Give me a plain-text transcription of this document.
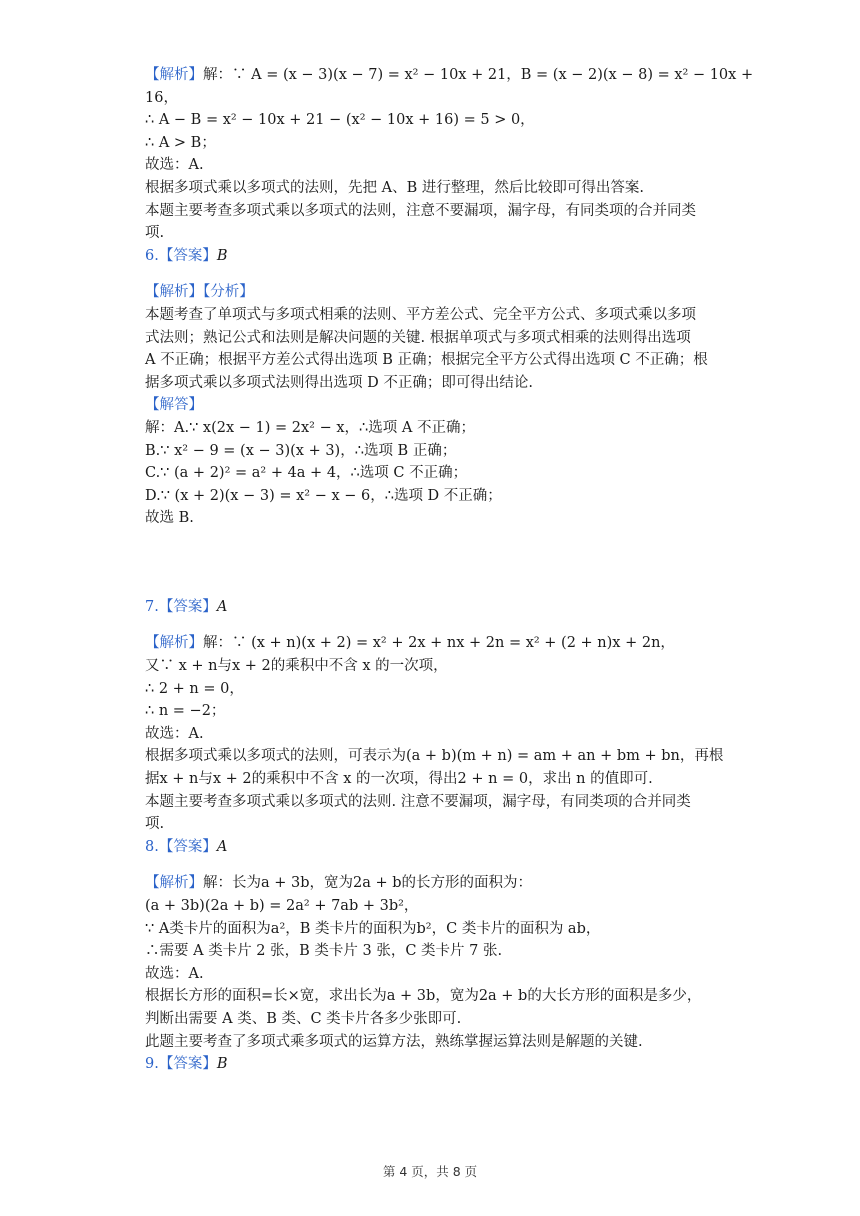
【解析】解：∵ A = (x − 3)(x − 7) = x² − 10x + 21，B = (x − 2)(x − 8) = x² − 10x +
16，
∴ A − B = x² − 10x + 21 − (x² − 10x + 16) = 5 > 0，
∴ A > B；
故选：A.
根据多项式乘以多项式的法则，先把 A、B 进行整理，然后比较即可得出答案.
本题主要考查多项式乘以多项式的法则，注意不要漏项，漏字母，有同类项的合并同类
项.
6.【答案】B
【解析】【分析】
本题考查了单项式与多项式相乘的法则、平方差公式、完全平方公式、多项式乘以多项
式法则；熟记公式和法则是解决问题的关键. 根据单项式与多项式相乘的法则得出选项
A 不正确；根据平方差公式得出选项 B 正确；根据完全平方公式得出选项 C 不正确；根
据多项式乘以多项式法则得出选项 D 不正确；即可得出结论.
【解答】
解：A.∵ x(2x − 1) = 2x² − x，∴选项 A 不正确；
B.∵ x² − 9 = (x − 3)(x + 3)，∴选项 B 正确；
C.∵ (a + 2)² = a² + 4a + 4，∴选项 C 不正确；
D.∵ (x + 2)(x − 3) = x² − x − 6，∴选项 D 不正确；
故选 B.
7.【答案】A
【解析】解：∵ (x + n)(x + 2) = x² + 2x + nx + 2n = x² + (2 + n)x + 2n，
又∵ x + n与x + 2的乘积中不含 x 的一次项，
∴ 2 + n = 0，
∴ n = −2；
故选：A.
根据多项式乘以多项式的法则，可表示为(a + b)(m + n) = am + an + bm + bn，再根
据x + n与x + 2的乘积中不含 x 的一次项，得出2 + n = 0，求出 n 的值即可.
本题主要考查多项式乘以多项式的法则. 注意不要漏项，漏字母，有同类项的合并同类
项.
8.【答案】A
【解析】解：长为a + 3b，宽为2a + b的长方形的面积为：
(a + 3b)(2a + b) = 2a² + 7ab + 3b²，
∵ A类卡片的面积为a²，B 类卡片的面积为b²，C 类卡片的面积为 ab，
∴需要 A 类卡片 2 张，B 类卡片 3 张，C 类卡片 7 张.
故选：A.
根据长方形的面积=长×宽，求出长为a + 3b，宽为2a + b的大长方形的面积是多少，
判断出需要 A 类、B 类、C 类卡片各多少张即可.
此题主要考查了多项式乘多项式的运算方法，熟练掌握运算法则是解题的关键.
9.【答案】B
第 4 页，共 8 页
